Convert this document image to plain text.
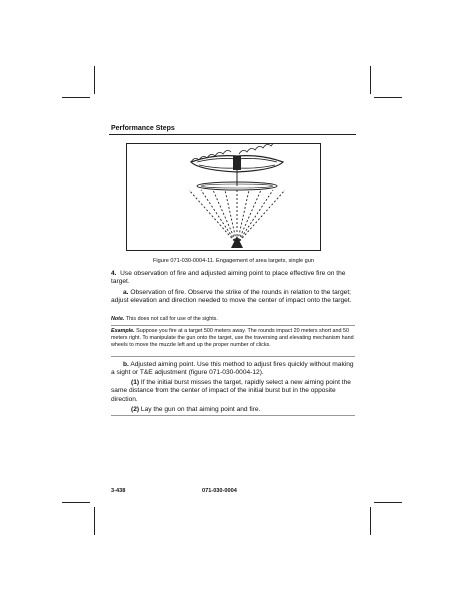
Performance Steps
Figure 071-030-0004-11. Engagement of area targets, single gun
4. Use observation of fire and adjusted aiming point to place effective fire on the target.
a. Observation of fire. Observe the strike of the rounds in relation to the target; adjust elevation and direction needed to move the center of impact onto the target.
Note. This does not call for use of the sights.
Example. Suppose you fire at a target 500 meters away. The rounds impact 20 meters short and 50 meters right. To manipulate the gun onto the target, use the traversing and elevating mechanism hand wheels to move the muzzle left and up the proper number of clicks.
b. Adjusted aiming point. Use this method to adjust fires quickly without making a sight or T&E adjustment (figure 071-030-0004-12).
(1) If the initial burst misses the target, rapidly select a new aiming point the same distance from the center of impact of the initial burst but in the opposite direction.
(2) Lay the gun on that aiming point and fire.
3-438	071-030-0004
